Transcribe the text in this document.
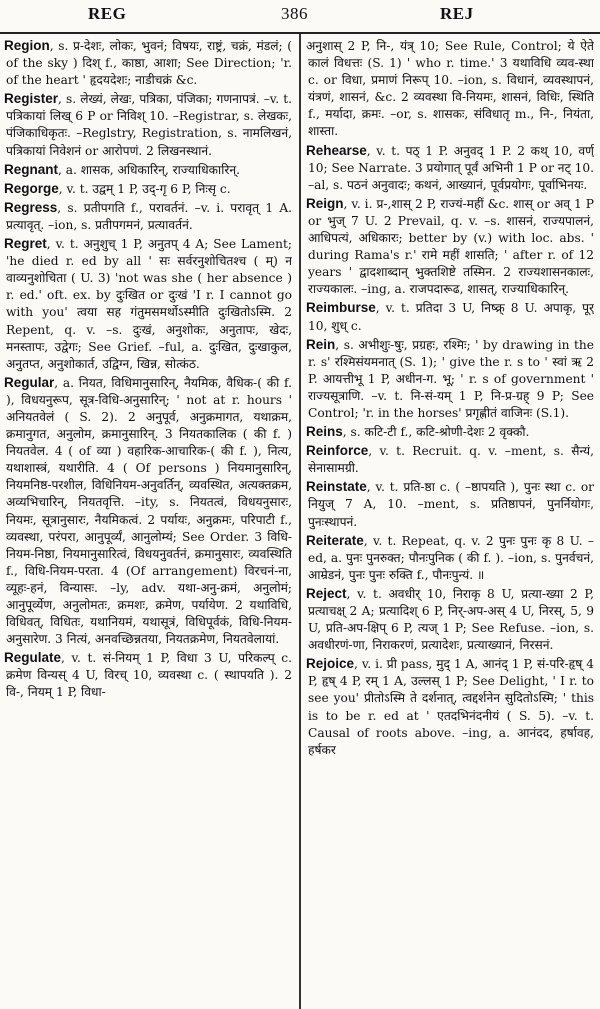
REG	386	REJ

Region, s. प्र-देशः, लोकः, भुवनं; विषयः, राष्ट्रं, चक्रं, मंडलं; ( of the sky ) दिश् f., काष्ठा, आशा; See Direction; 'r. of the heart ' हृदयदेशः; नाडीचक्रं &c.

Register, s. लेख्यं, लेखः, पत्रिका, पंजिका; गणनापत्रं. –v. t. पत्रिकायां लिख् 6 P or निविश् 10. –Registrar, s. लेखकः, पंजिकाधिकृतः. –Reglstry, Registration, s. नामलिखनं, पत्रिकायां निवेशनं or आरोपणं. 2 लिखनस्थानं.

Regnant, a. शासक, अधिकारिन्, राज्याधिकारिन्.

Regorge, v. t. उद्वम् 1 P, उद्-गृ 6 P, निःसृ c.

Regress, s. प्रतीपगति f., परावर्तनं. –v. i. परावृत् 1 A. प्रत्यावृत्. –ion, s. प्रतीपगमनं, प्रत्यावर्तनं.

Regret, v. t. अनुशुच् 1 P, अनुतप् 4 A; See Lament; 'he died r. ed by all ' सः सर्वरनुशोचितश्च ( म्) न वाव्यनुशोचिता ( U. 3) 'not was she ( her absence ) r. ed.' oft. ex. by दुःखित or दुःखं 'I r. I cannot go with you' त्वया सह गंतुमसमर्थोऽस्मीति दुःखितोऽस्मि. 2 Repent, q. v. –s. दुःखं, अनुशोकः, अनुतापः, खेदः, मनस्तापः, उद्वेगः; See Grief. –ful, a. दुःखित, दुःखाकुल, अनुतप्त, अनुशोकार्त, उद्विग्न, खिन्न, सोत्कंठ.

Regular, a. नियत, विधिमानुसारिन्, नैयमिक, वैधिक-( की f. ), विधयनुरूप, सूत्र-विधि-अनुसारिन्; ' not at r. hours ' अनियतवेलं ( S. 2). 2 अनुपूर्व, अनुक्रमागत, यथाक्रम, क्रमानुगत, अनुलोम, क्रमानुसारिन्. 3 नियतकालिक ( की f. ) नियतवेल. 4 ( of व्या ) वहारिक-आचारिक-( की f. ), नित्य, यथाशास्त्रं, यथारीति. 4 ( Of persons ) नियमानुसारिन्, नियमनिष्ठ-परशील, विधिनियम-अनुवर्तिन्, व्यवस्थित, अत्यक्तक्रम, अव्यभिचारिन्, नियतवृत्ति. –ity, s. नियतत्वं, विधयनुसारः, नियमः, सूत्रानुसारः, नैयमिकत्वं. 2 पर्यायः, अनुक्रमः, परिपाटी f., व्यवस्था, परंपरा, आनुपूर्व्यं, आनुलोम्यं; See Order. 3 विधि-नियम-निष्ठा, नियमानुसारित्वं, विधयनुवर्तनं, क्रमानुसारः, व्यवस्थिति f., विधि-नियम-परता. 4 (Of arrangement) विरचनं-ना, व्यूहः-हनं, विन्यासः. –ly, adv. यथा-अनु-क्रमं, अनुलोमं; आनुपूर्व्येण, अनुलोमतः, क्रमशः, क्रमेण, पर्यायेण. 2 यथाविधि, विधिवत्, विधितः, यथानियमं, यथासूत्रं, विधिपूर्वकं, विधि-नियम-अनुसारेण. 3 नित्यं, अनवच्छिन्नतया, नियतक्रमेण, नियतवेलायां.

Regulate, v. t. सं-नियम् 1 P, विधा 3 U, परिकल्प् c. क्रमेण विन्यस् 4 U, विरच् 10, व्यवस्था c. ( स्थापयति ). 2 वि-, नियम् 1 P, विधा-

अनुशास् 2 P, नि-, यंत्र् 10; See Rule, Control; ये ऐते कालं विधत्तः (S. 1) ' who r. time.' 3 यथाविधि व्यव-स्था c. or विधा, प्रमाणं निरूप् 10. –ion, s. विधानं, व्यवस्थापनं, यंत्रणं, शासनं, &c. 2 व्यवस्था वि-नियमः, शासनं, विधिः, स्थिति f., मर्यादा, क्रमः. –or, s. शासकः, संविधातृ m., नि-, नियंता, शास्ता.

Rehearse, v. t. पठ् 1 P. अनुवद् 1 P. 2 कथ् 10, वर्ण् 10; See Narrate. 3 प्रयोगात् पूर्वं अभिनी 1 P or नट् 10. –al, s. पठनं अनुवादः; कथनं, आख्यानं, पूर्वप्रयोगः, पूर्वाभिनयः.

Reign, v. i. प्र-,शास् 2 P, राज्यं-महीं &c. शास् or अव् 1 P or भुज् 7 U. 2 Prevail, q. v. –s. शासनं, राज्यपालनं, आधिपत्यं, अधिकारः; better by (v.) with loc. abs. ' during Rama's r.' रामे महीं शासति; ' after r. of 12 years ' द्वादशाब्दान् भुक्तशिष्टे तस्मिन. 2 राज्यशासनकालः, राज्यकालः. –ing, a. राजपदारूढ, शासत्, राज्याधिकारिन्.

Reimburse, v. t. प्रतिदा 3 U, निष्क्र् 8 U. अपाकृ, पूर् 10, शुध् c.

Rein, s. अभीशुः-षुः, प्रग्रहः, रश्मिः; ' by drawing in the r. s' रश्मिसंयमनात् (S. 1); ' give the r. s to ' स्वां ऋ 2 P. आयत्तीभू 1 P, अधीन-ग. भू; ' r. s of government ' राज्यसूत्राणि. –v. t. नि-सं-यम् 1 P, नि-प्र-ग्रह् 9 P; See Control; 'r. in the horses' प्रगृह्णीतं वाजिनः (S.1).

Reins, s. कटि-टी f., कटि-श्रोणी-देशः 2 वृक्कौ.

Reinforce, v. t. Recruit. q. v. –ment, s. सैन्यं, सेनासामग्री.

Reinstate, v. t. प्रति-ष्ठा c. ( –ष्ठापयति ), पुनः स्था c. or नियुज् 7 A, 10. –ment, s. प्रतिष्ठापनं, पुनर्नियोगः, पुनःस्थापनं.

Reiterate, v. t. Repeat, q. v. 2 पुनः पुनः कृ 8 U. –ed, a. पुनः पुनरुक्त; पौनःपुनिक ( की f. ). –ion, s. पुनर्वचनं, आम्रेडनं, पुनः पुनः रुक्ति f., पौनःपुन्यं. ॥

Reject, v. t. अवधीर् 10, निराकृ 8 U, प्रत्या-ख्या 2 P, प्रत्याचक्ष् 2 A; प्रत्यादिश् 6 P, निर्-अप-अस् 4 U, निरस्, 5, 9 U, प्रति-अप-क्षिप् 6 P, त्यज् 1 P; See Refuse. –ion, s. अवधीरणं-णा, निराकरणं, प्रत्यादेशः, प्रत्याख्यानं, निरसनं.

Rejoice, v. i. प्री pass, मुद् 1 A, आनंद् 1 P, सं-परि-हृष् 4 P, हृष् 4 P, रम् 1 A, उल्लस् 1 P; See Delight, ' I r. to see you' प्रीतोऽस्मि ते दर्शनात्, त्वद्दर्शनेन सुदितोऽस्मि; ' this is to be r. ed at ' एतदभिनंदनीयं ( S. 5). –v. t. Causal of roots above. –ing, a. आनंदद, हर्षावह, हर्षकर
